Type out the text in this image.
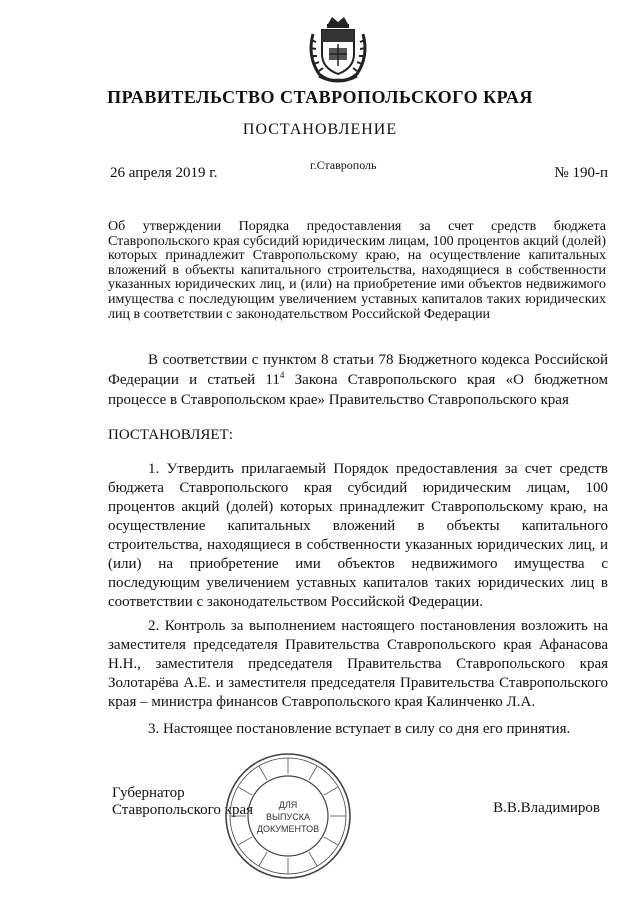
ПРАВИТЕЛЬСТВО СТАВРОПОЛЬСКОГО КРАЯ
ПОСТАНОВЛЕНИЕ
26 апреля 2019 г.	г.Ставрополь	№ 190-п
Об утверждении Порядка предоставления за счет средств бюджета Ставропольского края субсидий юридическим лицам, 100 процентов акций (долей) которых принадлежит Ставропольскому краю, на осуществление капитальных вложений в объекты капитального строительства, находящиеся в собственности указанных юридических лиц, и (или) на приобретение ими объектов недвижимого имущества с последующим увеличением уставных капиталов таких юридических лиц в соответствии с законодательством Российской Федерации
В соответствии с пунктом 8 статьи 78 Бюджетного кодекса Российской Федерации и статьей $11^4$ Закона Ставропольского края «О бюджетном процессе в Ставропольском крае» Правительство Ставропольского края
ПОСТАНОВЛЯЕТ:
1. Утвердить прилагаемый Порядок предоставления за счет средств бюджета Ставропольского края субсидий юридическим лицам, 100 процентов акций (долей) которых принадлежит Ставропольскому краю, на осуществление капитальных вложений в объекты капитального строительства, находящиеся в собственности указанных юридических лиц, и (или) на приобретение ими объектов недвижимого имущества с последующим увеличением уставных капиталов таких юридических лиц в соответствии с законодательством Российской Федерации.
2. Контроль за выполнением настоящего постановления возложить на заместителя председателя Правительства Ставропольского края Афанасова Н.Н., заместителя председателя Правительства Ставропольского края Золотарёва А.Е. и заместителя председателя Правительства Ставропольского края – министра финансов Ставропольского края Калинченко Л.А.
3. Настоящее постановление вступает в силу со дня его принятия.
Губернатор
Ставропольского края	ДЛЯ
ВЫПУСКА
ДОКУМЕНТОВ
В.В.Владимиров
